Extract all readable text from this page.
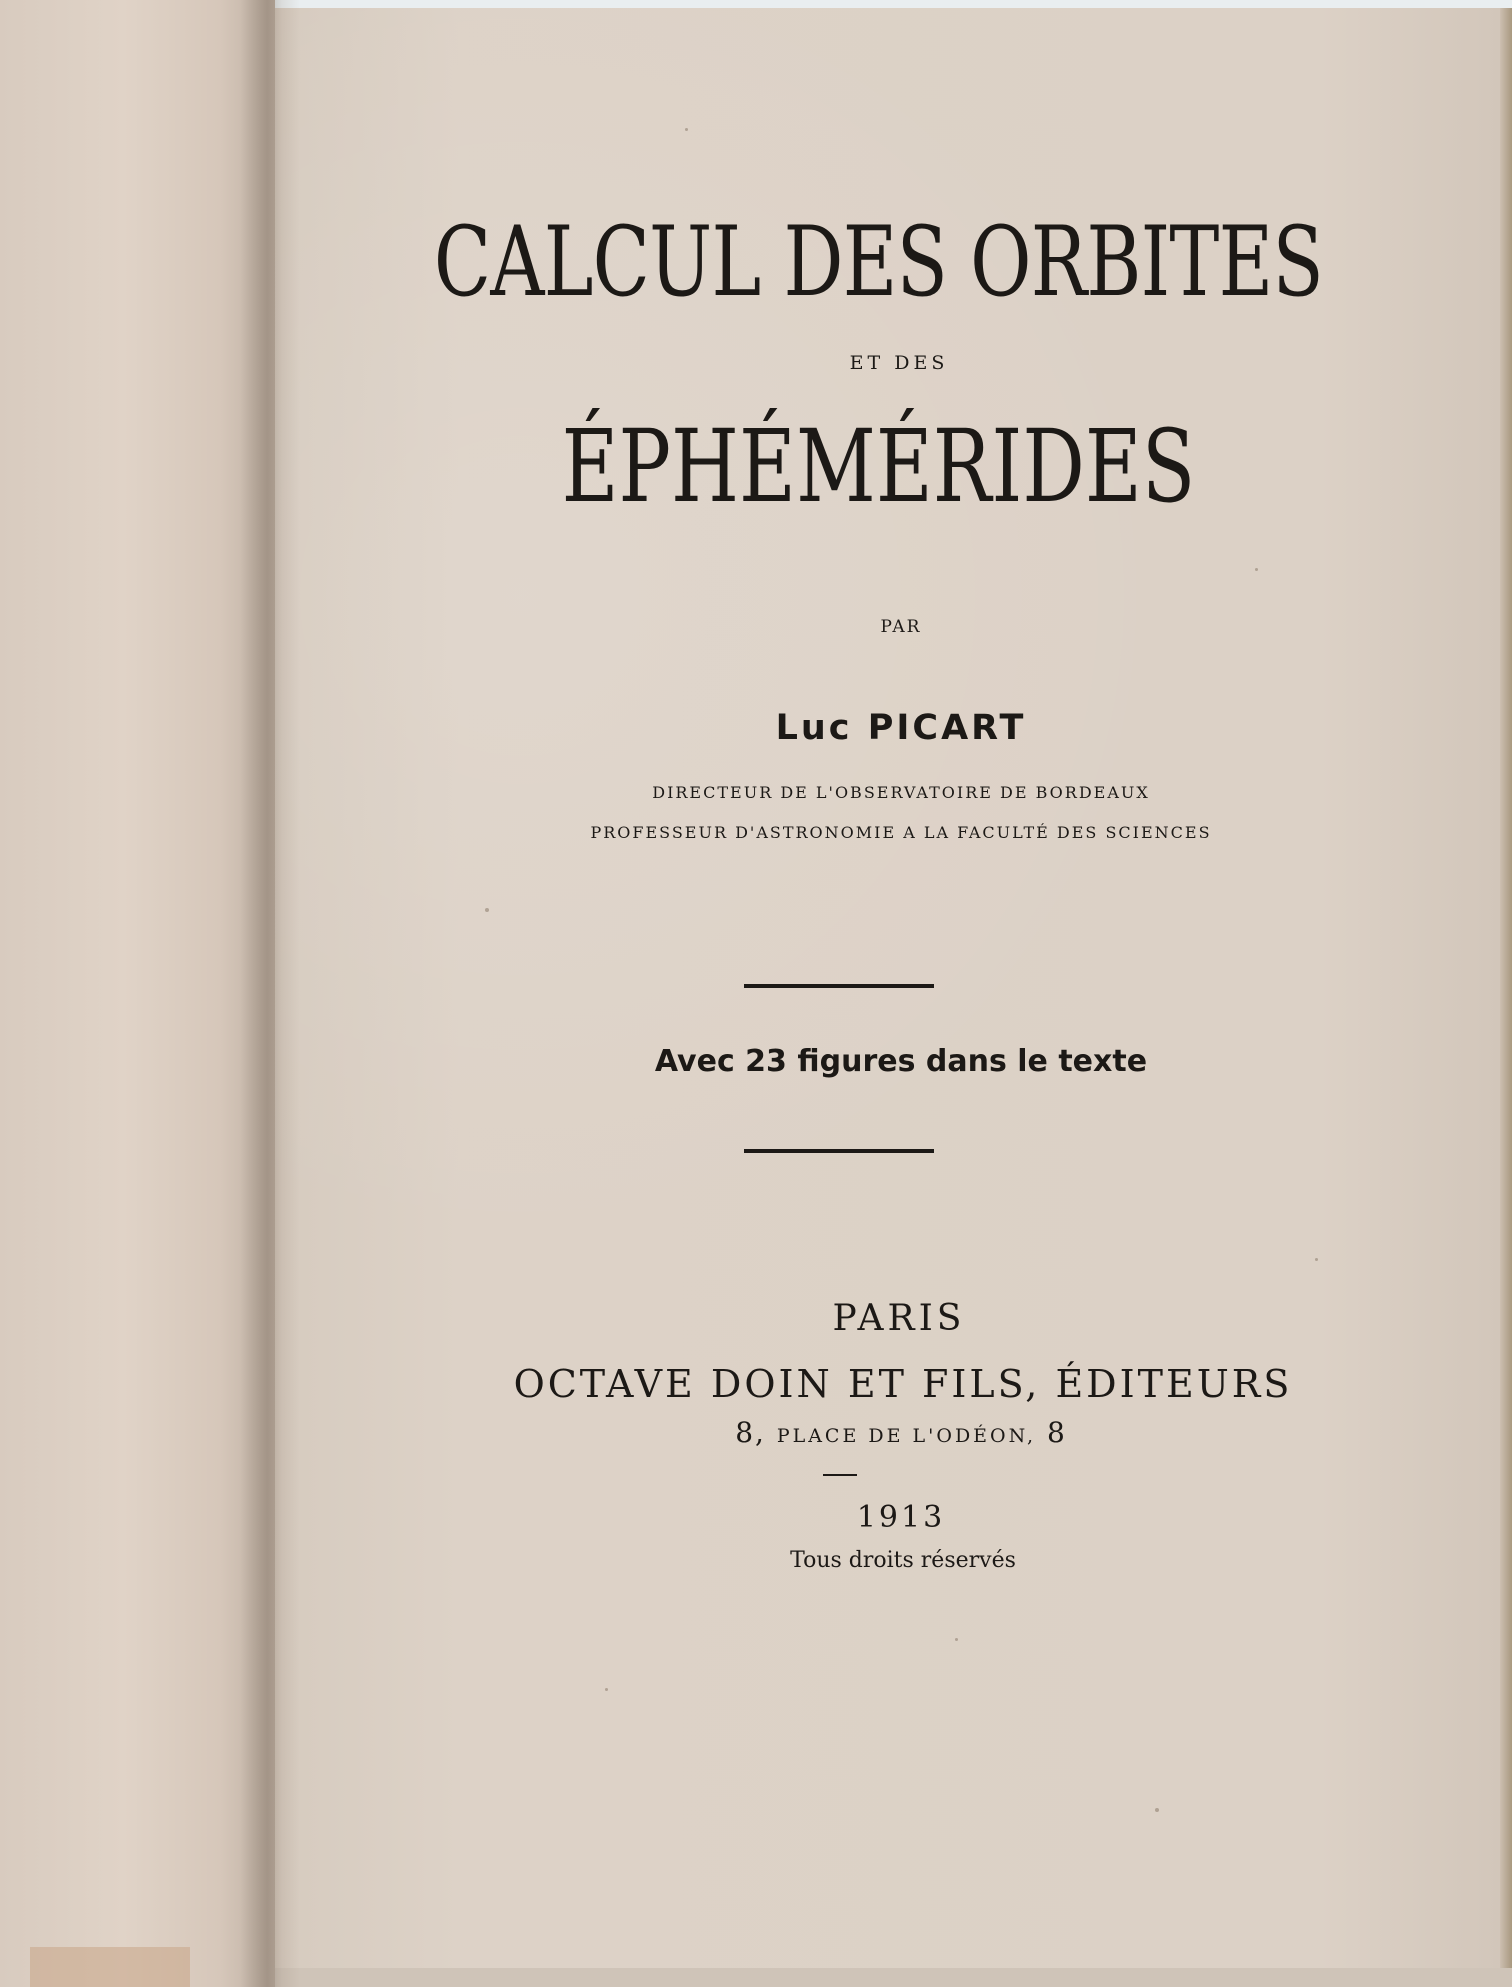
CALCUL DES ORBITES
ET DES
ÉPHÉMÉRIDES
PAR
Luc PICART
DIRECTEUR DE L'OBSERVATOIRE DE BORDEAUX
PROFESSEUR D'ASTRONOMIE A LA FACULTÉ DES SCIENCES
Avec 23 figures dans le texte
PARIS
OCTAVE DOIN ET FILS, ÉDITEURS
8, PLACE DE L'ODÉON, 8
1913
Tous droits réservés
